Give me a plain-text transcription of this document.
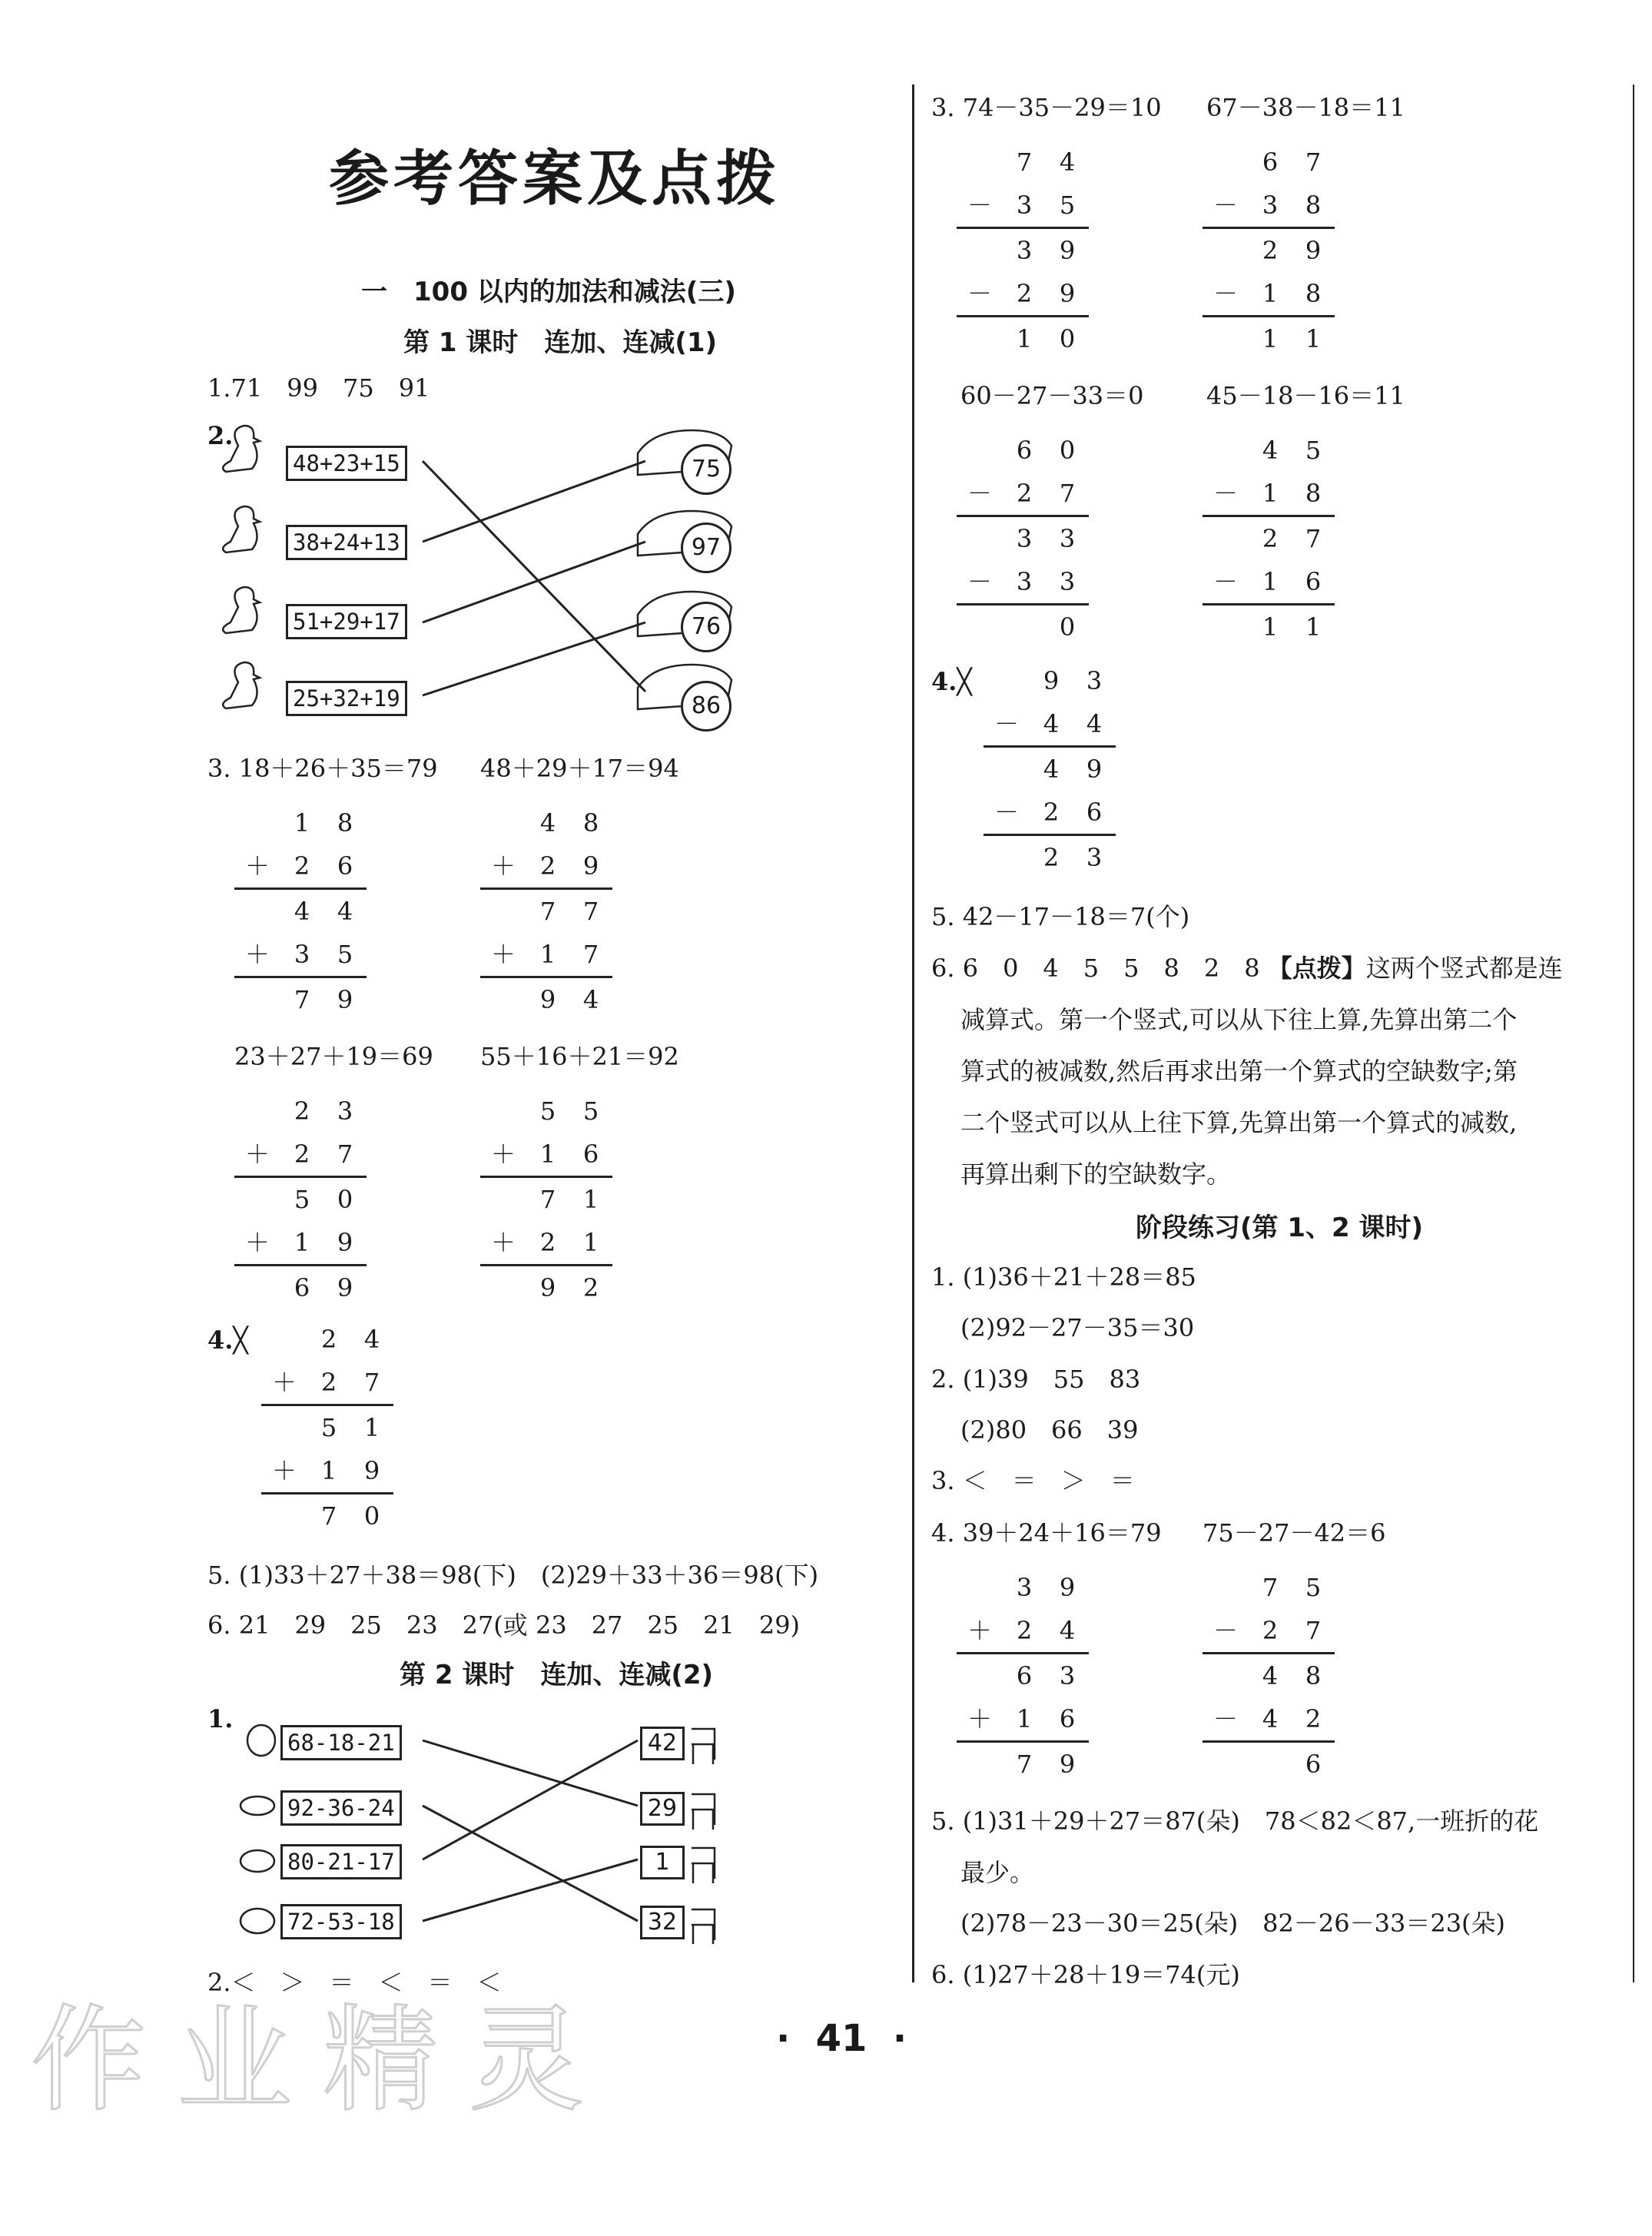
参考答案及点拨
一　100 以内的加法和减法(三)
第 1 课时　连加、连减(1)
1.71　99　75　91
2.
48+23+15
38+24+13
51+29+17
25+32+19
75
97
76
86
3. 18＋26＋35＝79 48＋29＋17＝94
1 8
＋ 2 6
4 4
＋ 3 5
7 9
4 8
＋ 2 9
7 7
＋ 1 7
9 4
23＋27＋19＝69 55＋16＋21＝92
2 3
＋ 2 7
5 0
＋ 1 9
6 9
5 5
＋ 1 6
7 1
＋ 2 1
9 2
4.╳	2 4
＋ 2 7
5 1
＋ 1 9
7 0
5. (1)33＋27＋38＝98(下)　(2)29＋33＋36＝98(下)
6. 21　29　25　23　27(或 23　27　25　21　29)
第 2 课时　连加、连减(2)
1.
68-18-21
92-36-24
80-21-17
72-53-18
42
29
1
32
2.＜　＞　＝　＜　＝　＜
3. 74－35－29＝10 67－38－18＝11
7 4
－ 3 5
3 9
－ 2 9
1 0
6 7
－ 3 8
2 9
－ 1 8
1 1
60－27－33＝0	45－18－16＝11
6 0
－ 2 7
3 3
－ 3 3
0
4 5
－ 1 8
2 7
－ 1 6
1 1
4.╳	9 3
－ 4 4
4 9
－ 2 6
2 3
5. 42－17－18＝7(个)
6. 6　0　4　5　5　8　2　8 【点拨】这两个竖式都是连
减算式。第一个竖式,可以从下往上算,先算出第二个
算式的被减数,然后再求出第一个算式的空缺数字;第
二个竖式可以从上往下算,先算出第一个算式的减数,
再算出剩下的空缺数字。
阶段练习(第 1、2 课时)
1. (1)36＋21＋28＝85
(2)92－27－35＝30
2. (1)39　55　83
(2)80　66　39
3. ＜　＝　＞　＝
4. 39＋24＋16＝79 75－27－42＝6
3 9
＋ 2 4
6 3
＋ 1 6
7 9
7 5
－ 2 7
4 8
－ 4 2
6
5. (1)31＋29＋27＝87(朵)　78＜82＜87,一班折的花
最少。
(2)78－23－30＝25(朵)　82－26－33＝23(朵)
6. (1)27＋28＋19＝74(元)
·  41  ·
作业精灵
